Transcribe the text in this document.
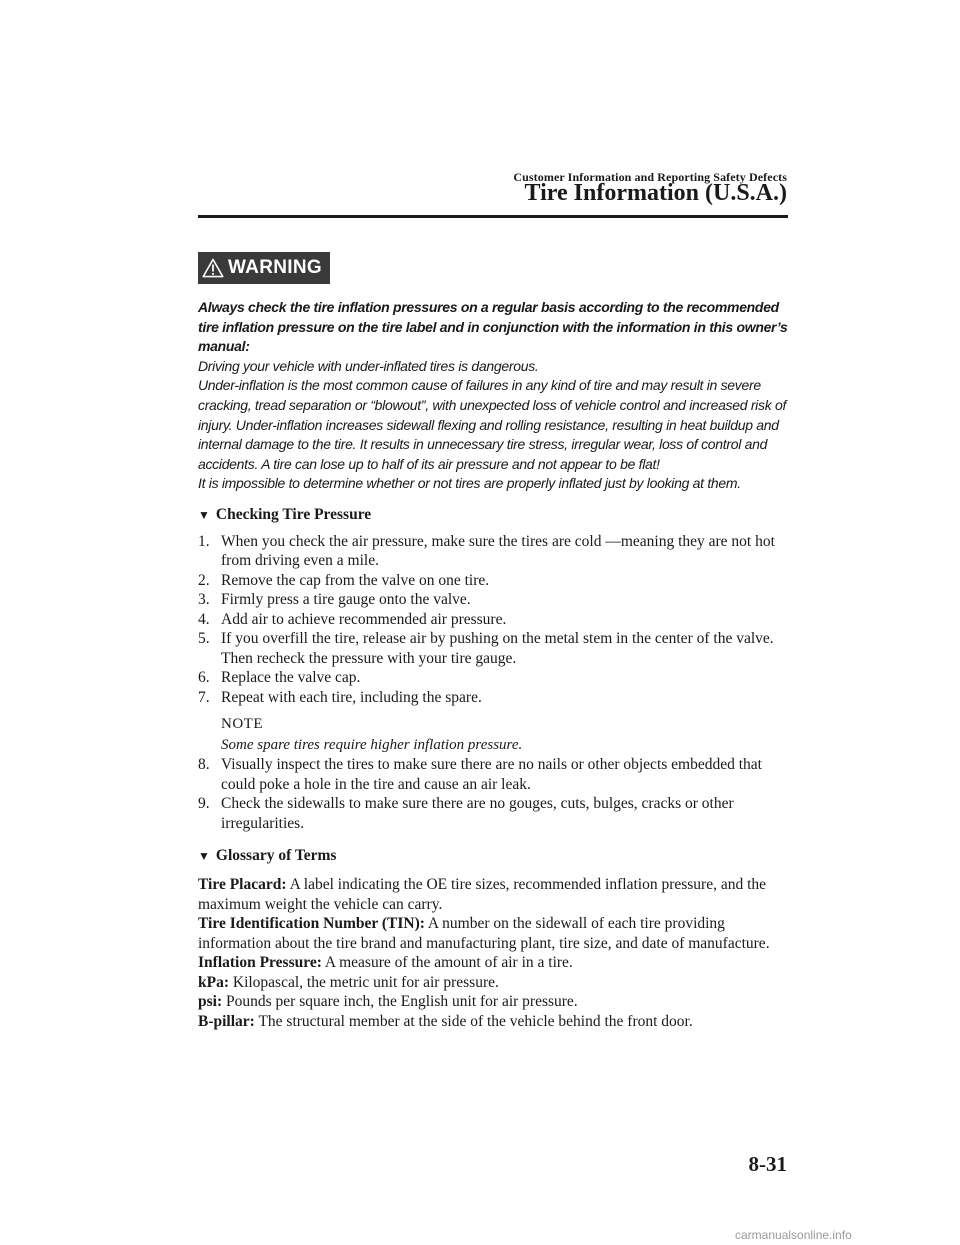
Customer Information and Reporting Safety Defects
Tire Information (U.S.A.)
WARNING

Always check the tire inflation pressures on a regular basis according to the recommended tire inflation pressure on the tire label and in conjunction with the information in this owner’s manual:

Driving your vehicle with under-inflated tires is dangerous.

Under-inflation is the most common cause of failures in any kind of tire and may result in severe cracking, tread separation or “blowout”, with unexpected loss of vehicle control and increased risk of injury. Under-inflation increases sidewall flexing and rolling resistance, resulting in heat buildup and internal damage to the tire. It results in unnecessary tire stress, irregular wear, loss of control and accidents. A tire can lose up to half of its air pressure and not appear to be flat!

It is impossible to determine whether or not tires are properly inflated just by looking at them.

▼ Checking Tire Pressure
1. When you check the air pressure, make sure the tires are cold —meaning they are not hot from driving even a mile.
2. Remove the cap from the valve on one tire.
3. Firmly press a tire gauge onto the valve.
4. Add air to achieve recommended air pressure.
5. If you overfill the tire, release air by pushing on the metal stem in the center of the valve. Then recheck the pressure with your tire gauge.
6. Replace the valve cap.
7. Repeat with each tire, including the spare.
NOTE
Some spare tires require higher inflation pressure.
8. Visually inspect the tires to make sure there are no nails or other objects embedded that could poke a hole in the tire and cause an air leak.
9. Check the sidewalls to make sure there are no gouges, cuts, bulges, cracks or other irregularities.
▼ Glossary of Terms

Tire Placard: A label indicating the OE tire sizes, recommended inflation pressure, and the maximum weight the vehicle can carry.

Tire Identification Number (TIN): A number on the sidewall of each tire providing information about the tire brand and manufacturing plant, tire size, and date of manufacture.

Inflation Pressure: A measure of the amount of air in a tire.

kPa: Kilopascal, the metric unit for air pressure.

psi: Pounds per square inch, the English unit for air pressure.

B-pillar: The structural member at the side of the vehicle behind the front door.

8-31
carmanualsonline.info
